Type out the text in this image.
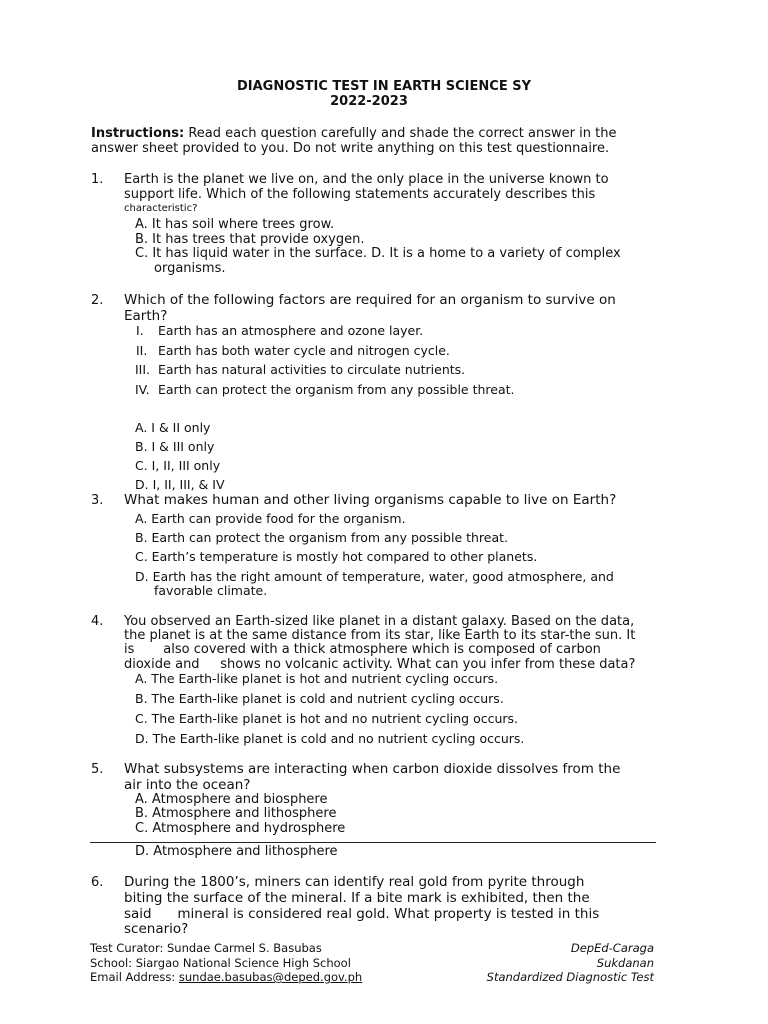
DIAGNOSTIC TEST IN EARTH SCIENCE SY
2022-2023
Instructions: Read each question carefully and shade the correct answer in the
answer sheet provided to you. Do not write anything on this test questionnaire.
1. Earth is the planet we live on, and the only place in the universe known to
support life. Which of the following statements accurately describes this
characteristic?
A. It has soil where trees grow.
B. It has trees that provide oxygen.
C. It has liquid water in the surface. D. It is a home to a variety of complex
organisms.
2. Which of the following factors are required for an organism to survive on
Earth?
I.	Earth has an atmosphere and ozone layer.
II. Earth has both water cycle and nitrogen cycle.
III. Earth has natural activities to circulate nutrients.
IV. Earth can protect the organism from any possible threat.
A. I & II only
B. I & III only
C. I, II, III only
D. I, II, III, & IV
3. What makes human and other living organisms capable to live on Earth?
A. Earth can provide food for the organism.
B. Earth can protect the organism from any possible threat.
C. Earth’s temperature is mostly hot compared to other planets.
D. Earth has the right amount of temperature, water, good atmosphere, and
favorable climate.
4. You observed an Earth-sized like planet in a distant galaxy. Based on the data,
the planet is at the same distance from its star, like Earth to its star-the sun. It
is       also covered with a thick atmosphere which is composed of carbon
dioxide and     shows no volcanic activity. What can you infer from these data?
A. The Earth-like planet is hot and nutrient cycling occurs.
B. The Earth-like planet is cold and nutrient cycling occurs.
C. The Earth-like planet is hot and no nutrient cycling occurs.
D. The Earth-like planet is cold and no nutrient cycling occurs.
5. What subsystems are interacting when carbon dioxide dissolves from the
air into the ocean?
A. Atmosphere and biosphere
B. Atmosphere and lithosphere
C. Atmosphere and hydrosphere
D. Atmosphere and lithosphere
6. During the 1800’s, miners can identify real gold from pyrite through
biting the surface of the mineral. If a bite mark is exhibited, then the
said      mineral is considered real gold. What property is tested in this
scenario?
Test Curator: Sundae Carmel S. Basubas
School: Siargao National Science High School
Email Address: sundae.basubas@deped.gov.ph
DepEd-Caraga
Sukdanan
Standardized Diagnostic Test
